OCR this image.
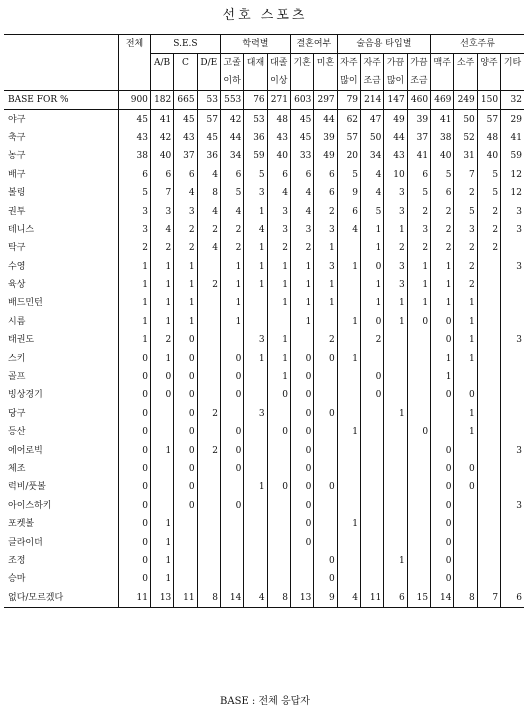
선호 스포츠
	전체	S.E.S			학력별			결혼여부		술음용 타입별				선호주류			
		A/B	C	D/E	고졸	대재	대졸	기혼	미혼	자주	자주	가끔	가끔	맥주	소주	양주	기타
					이하		이상			많이	조금	많이	조금				
BASE FOR %	900	182	665	53	553	76	271	603	297	79	214	147	460	469	249	150	32
야구	45	41	45	57	42	53	48	45	44	62	47	49	39	41	50	57	29
축구	43	42	43	45	44	36	43	45	39	57	50	44	37	38	52	48	41
농구	38	40	37	36	34	59	40	33	49	20	34	43	41	40	31	40	59
배구	6	6	6	4	6	5	6	6	6	5	4	10	6	5	7	5	12
볼링	5	7	4	8	5	3	4	4	6	9	4	3	5	6	2	5	12
권투	3	3	3	4	4	1	3	4	2	6	5	3	2	2	5	2	3
테니스	3	4	2	2	2	4	3	3	3	4	1	1	3	2	3	2	3
탁구	2	2	2	4	2	1	2	2	1		1	2	2	2	2	2	
수영	1	1	1		1	1	1	1	3	1	0	3	1	1	2		3
육상	1	1	1	2	1	1	1	1	1		1	3	1	1	2		
배드민턴	1	1	1		1		1	1	1		1	1	1	1	1		
시름	1	1	1		1			1		1	0	1	0	0	1		
태권도	1	2	0			3	1		2		2			0	1		3
스키	0	1	0		0	1	1	0	0	1				1	1		
골프	0	0	0		0		1	0			0			1			
빙상경기	0	0	0		0		0	0			0			0	0		
당구	0		0	2		3		0	0			1			1		
등산	0		0		0		0	0		1			0		1		
에어로빅	0	1	0	2	0			0						0			3
체조	0		0		0			0						0	0		
럭비/풋볼	0		0			1	0	0	0					0	0		
아이스하키	0		0		0			0						0			3
포켓볼	0	1						0		1				0			
글라이더	0	1						0						0			
조정	0	1							0			1		0			
승마	0	1							0					0			
없다/모르겠다	11	13	11	8	14	4	8	13	9	4	11	6	15	14	8	7	6
BASE : 전체 응답자
